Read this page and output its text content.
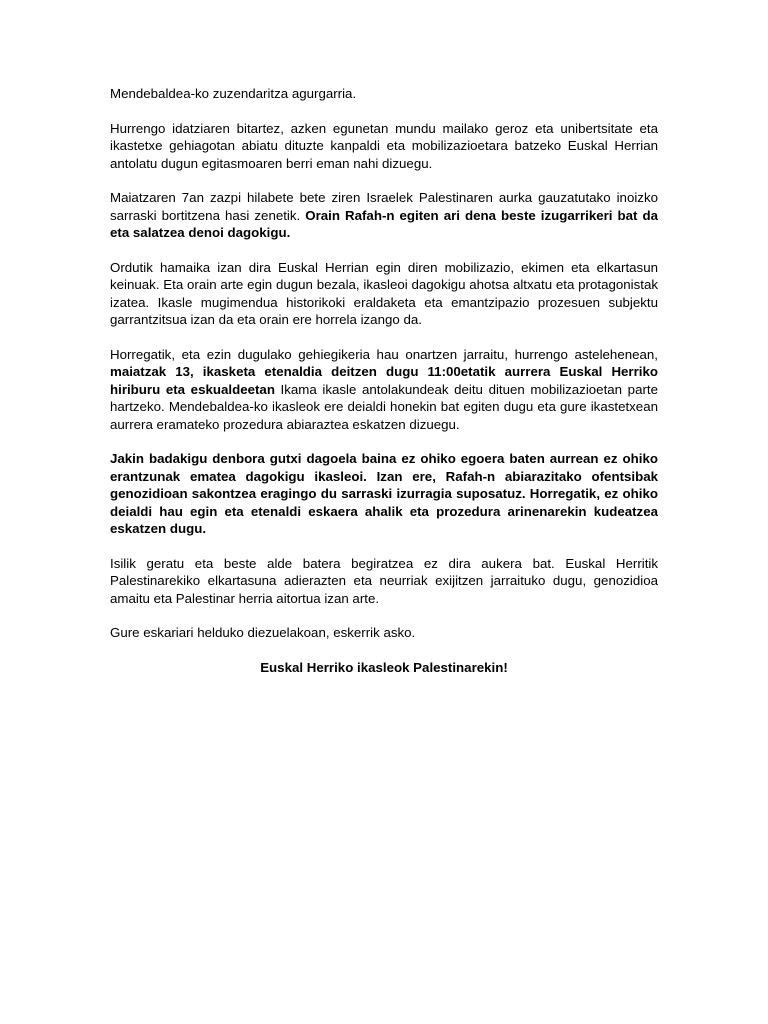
Mendebaldea-ko zuzendaritza agurgarria.

Hurrengo idatziaren bitartez, azken egunetan mundu mailako geroz eta unibertsitate eta ikastetxe gehiagotan abiatu dituzte kanpaldi eta mobilizazioetara batzeko Euskal Herrian antolatu dugun egitasmoaren berri eman nahi dizuegu.

Maiatzaren 7an zazpi hilabete bete ziren Israelek Palestinaren aurka gauzatutako inoizko sarraski bortitzena hasi zenetik. Orain Rafah-n egiten ari dena beste izugarrikeri bat da eta salatzea denoi dagokigu.

Ordutik hamaika izan dira Euskal Herrian egin diren mobilizazio, ekimen eta elkartasun keinuak. Eta orain arte egin dugun bezala, ikasleoi dagokigu ahotsa altxatu eta protagonistak izatea. Ikasle mugimendua historikoki eraldaketa eta emantzipazio prozesuen subjektu garrantzitsua izan da eta orain ere horrela izango da.

Horregatik, eta ezin dugulako gehiegikeria hau onartzen jarraitu, hurrengo astelehenean, maiatzak 13, ikasketa etenaldia deitzen dugu 11:00etatik aurrera Euskal Herriko hiriburu eta eskualdeetan Ikama ikasle antolakundeak deitu dituen mobilizazioetan parte hartzeko. Mendebaldea-ko ikasleok ere deialdi honekin bat egiten dugu eta gure ikastetxean aurrera eramateko prozedura abiaraztea eskatzen dizuegu.

Jakin badakigu denbora gutxi dagoela baina ez ohiko egoera baten aurrean ez ohiko erantzunak ematea dagokigu ikasleoi. Izan ere, Rafah-n abiarazitako ofentsibak genozidioan sakontzea eragingo du sarraski izurragia suposatuz. Horregatik, ez ohiko deialdi hau egin eta etenaldi eskaera ahalik eta prozedura arinenarekin kudeatzea eskatzen dugu.

Isilik geratu eta beste alde batera begiratzea ez dira aukera bat. Euskal Herritik Palestinarekiko elkartasuna adierazten eta neurriak exijitzen jarraituko dugu, genozidioa amaitu eta Palestinar herria aitortua izan arte.

Gure eskariari helduko diezuelakoan, eskerrik asko.

Euskal Herriko ikasleok Palestinarekin!
